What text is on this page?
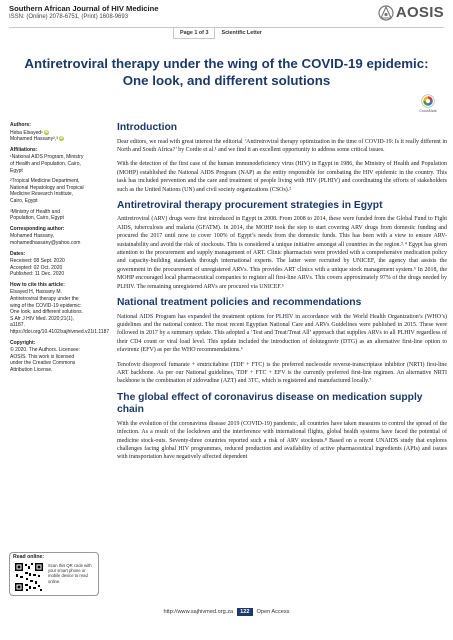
Southern African Journal of HIV Medicine
ISSN: (Online) 2078-6751, (Print) 1608-9693	AOSIS
Page 1 of 3	Scientific Letter
Antiretroviral therapy under the wing of the COVID-19 epidemic: One look, and different solutions
CrossMark
Authors:
Heba Elsayed¹ iD
Mohamed Hassany²,³ iD
Affiliations:
¹National AIDS Program, Ministry of Health and Population, Cairo, Egypt
²Tropical Medicine Department, National Hepatology and Tropical Medicine Research Institute, Cairo, Egypt
³Ministry of Health and Population, Cairo, Egypt
Corresponding author:
Mohamed Hassany, mohamedhassany@yahoo.com
Dates:
Received: 08 Sept. 2020
Accepted: 02 Oct. 2020
Published: 11 Dec. 2020
How to cite this article:
Elsayed H, Hassany M. Antiretroviral therapy under the wing of the COVID-19 epidemic: One look, and different solutions. S Afr J HIV Med. 2020;21(1), a1187. https://doi.org/10.4102/sajhivmed.v21i1.1187
Copyright:
© 2020. The Authors. Licensee: AOSIS. This work is licensed under the Creative Commons Attribution License.
Read online:
Scan this QR code with your smart phone or mobile device to read online.
Introduction

Dear editors, we read with great interest the editorial ‘Antiretroviral therapy optimization in the time of COVID-19: Is it really different in North and South Africa?’ by Cordie et al.¹ and we find it an excellent opportunity to address some critical issues.

With the detection of the first case of the human immunodeficiency virus (HIV) in Egypt in 1986, the Ministry of Health and Population (MOHP) established the National AIDS Program (NAP) as the entity responsible for combating the HIV epidemic in the country. This task has included prevention and the care and treatment of people living with HIV (PLHIV) and coordinating the efforts of stakeholders such as the United Nations (UN) and civil society organizations (CSOs).²

Antiretroviral therapy procurement strategies in Egypt

Antiretroviral (ARV) drugs were first introduced in Egypt in 2008. From 2008 to 2014, these were funded from the Global Fund to Fight AIDS, tuberculosis and malaria (GFATM). In 2014, the MOHP took the step to start covering ARV drugs from domestic funding and procured the 2017 until now to cover 100% of Egypt’s needs from the domestic funds. This has been with a view to ensure ARV-sustainability and avoid the risk of stockouts. This is considered a unique initiative amongst all countries in the region.³˒⁴ Egypt has given attention to the procurement and supply management of ART. Clinic pharmacists were provided with a comprehensive medication policy and capacity-building standards through international experts. The latter were recruited by UNICEF, the agency that assists the government in the procurement of unregistered ARVs. This provides ART clinics with a unique stock management system.⁵ In 2018, the MOHP encouraged local pharmaceutical companies to register all first-line ARVs. This covers approximately 97% of the drugs needed by PLHIV. The remaining unregistered ARVs are procured via UNICEF.⁵

National treatment policies and recommendations

National AIDS Program has expanded the treatment options for PLHIV in accordance with the World Health Organization’s (WHO’s) guidelines and the national context. The most recent Egyptian National Care and ARVs Guidelines were published in 2015. These were followed in 2017 by a summary update. This adopted a ‘Test and Treat/Treat All’ approach that supplies ARVs to all PLHIV regardless of their CD4 count or viral load level. This update included the introduction of dolutegravir (DTG) as an alternative first-line option to efavirenz (EFV) as per the WHO recommendations.⁶

Tenofovir disoproxil fumarate + emtricitabine (TDF + FTC) is the preferred nucleoside reverse-transcriptase inhibitor (NRTI) first-line ART backbone. As per our National guidelines, TDF + FTC + EFV is the currently preferred first-line regimen. An alternative NRTI backbone is the combination of zidovudine (AZT) and 3TC, which is registered and manufactured locally.⁷

The global effect of coronavirus disease on medication supply chain

With the evolution of the coronavirus disease 2019 (COVID-19) pandemic, all countries have taken measures to control the spread of the infection. As a result of the lockdown and the interference with international flights, global health systems have faced the potential of medicine stock-outs. Seventy-three countries reported such a risk of ARV stockouts.⁸ Based on a recent UNAIDS study that explores challenges facing global HIV programmes, reduced production and availability of active pharmaceutical ingredients (APIs) and issues with transportation have negatively affected dependent

http://www.sajhivmed.org.za	122	Open Access
